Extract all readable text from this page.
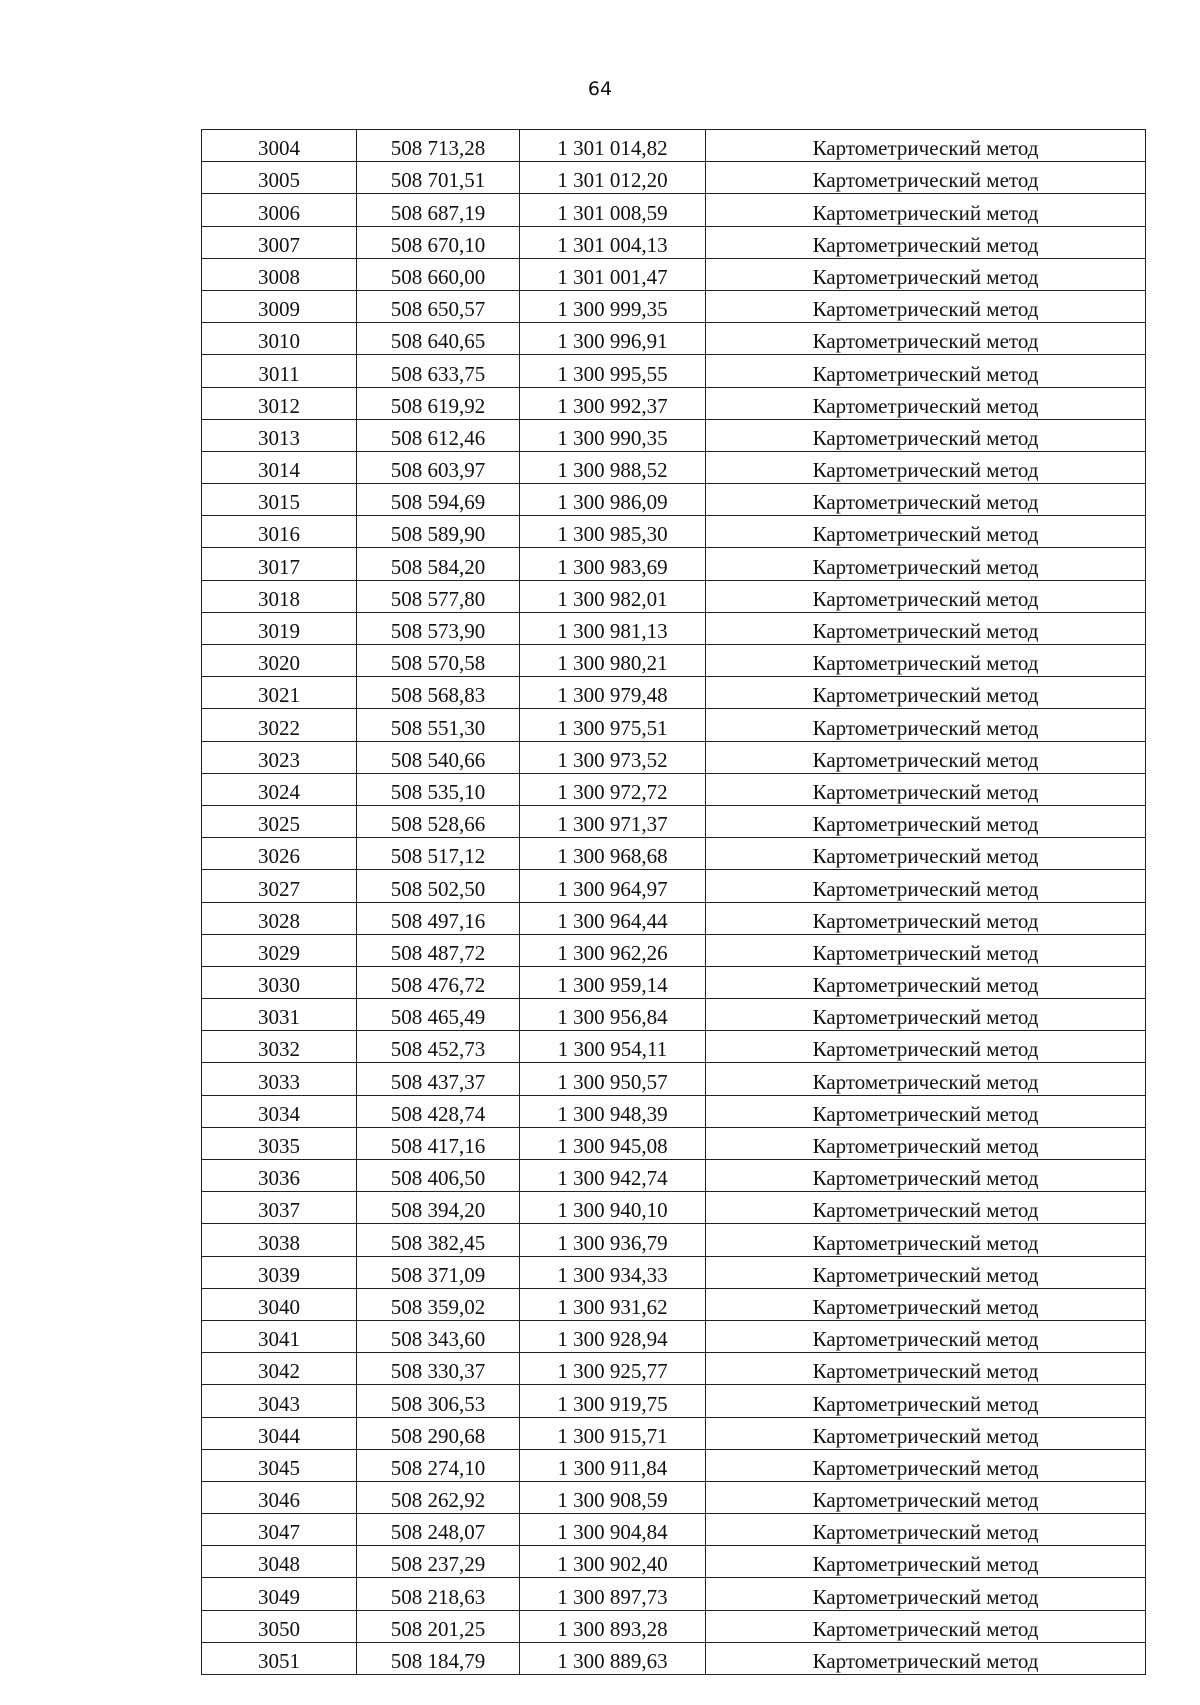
64
3004	508 713,28	1 301 014,82	Картометрический метод
3005	508 701,51	1 301 012,20	Картометрический метод
3006	508 687,19	1 301 008,59	Картометрический метод
3007	508 670,10	1 301 004,13	Картометрический метод
3008	508 660,00	1 301 001,47	Картометрический метод
3009	508 650,57	1 300 999,35	Картометрический метод
3010	508 640,65	1 300 996,91	Картометрический метод
3011	508 633,75	1 300 995,55	Картометрический метод
3012	508 619,92	1 300 992,37	Картометрический метод
3013	508 612,46	1 300 990,35	Картометрический метод
3014	508 603,97	1 300 988,52	Картометрический метод
3015	508 594,69	1 300 986,09	Картометрический метод
3016	508 589,90	1 300 985,30	Картометрический метод
3017	508 584,20	1 300 983,69	Картометрический метод
3018	508 577,80	1 300 982,01	Картометрический метод
3019	508 573,90	1 300 981,13	Картометрический метод
3020	508 570,58	1 300 980,21	Картометрический метод
3021	508 568,83	1 300 979,48	Картометрический метод
3022	508 551,30	1 300 975,51	Картометрический метод
3023	508 540,66	1 300 973,52	Картометрический метод
3024	508 535,10	1 300 972,72	Картометрический метод
3025	508 528,66	1 300 971,37	Картометрический метод
3026	508 517,12	1 300 968,68	Картометрический метод
3027	508 502,50	1 300 964,97	Картометрический метод
3028	508 497,16	1 300 964,44	Картометрический метод
3029	508 487,72	1 300 962,26	Картометрический метод
3030	508 476,72	1 300 959,14	Картометрический метод
3031	508 465,49	1 300 956,84	Картометрический метод
3032	508 452,73	1 300 954,11	Картометрический метод
3033	508 437,37	1 300 950,57	Картометрический метод
3034	508 428,74	1 300 948,39	Картометрический метод
3035	508 417,16	1 300 945,08	Картометрический метод
3036	508 406,50	1 300 942,74	Картометрический метод
3037	508 394,20	1 300 940,10	Картометрический метод
3038	508 382,45	1 300 936,79	Картометрический метод
3039	508 371,09	1 300 934,33	Картометрический метод
3040	508 359,02	1 300 931,62	Картометрический метод
3041	508 343,60	1 300 928,94	Картометрический метод
3042	508 330,37	1 300 925,77	Картометрический метод
3043	508 306,53	1 300 919,75	Картометрический метод
3044	508 290,68	1 300 915,71	Картометрический метод
3045	508 274,10	1 300 911,84	Картометрический метод
3046	508 262,92	1 300 908,59	Картометрический метод
3047	508 248,07	1 300 904,84	Картометрический метод
3048	508 237,29	1 300 902,40	Картометрический метод
3049	508 218,63	1 300 897,73	Картометрический метод
3050	508 201,25	1 300 893,28	Картометрический метод
3051	508 184,79	1 300 889,63	Картометрический метод
